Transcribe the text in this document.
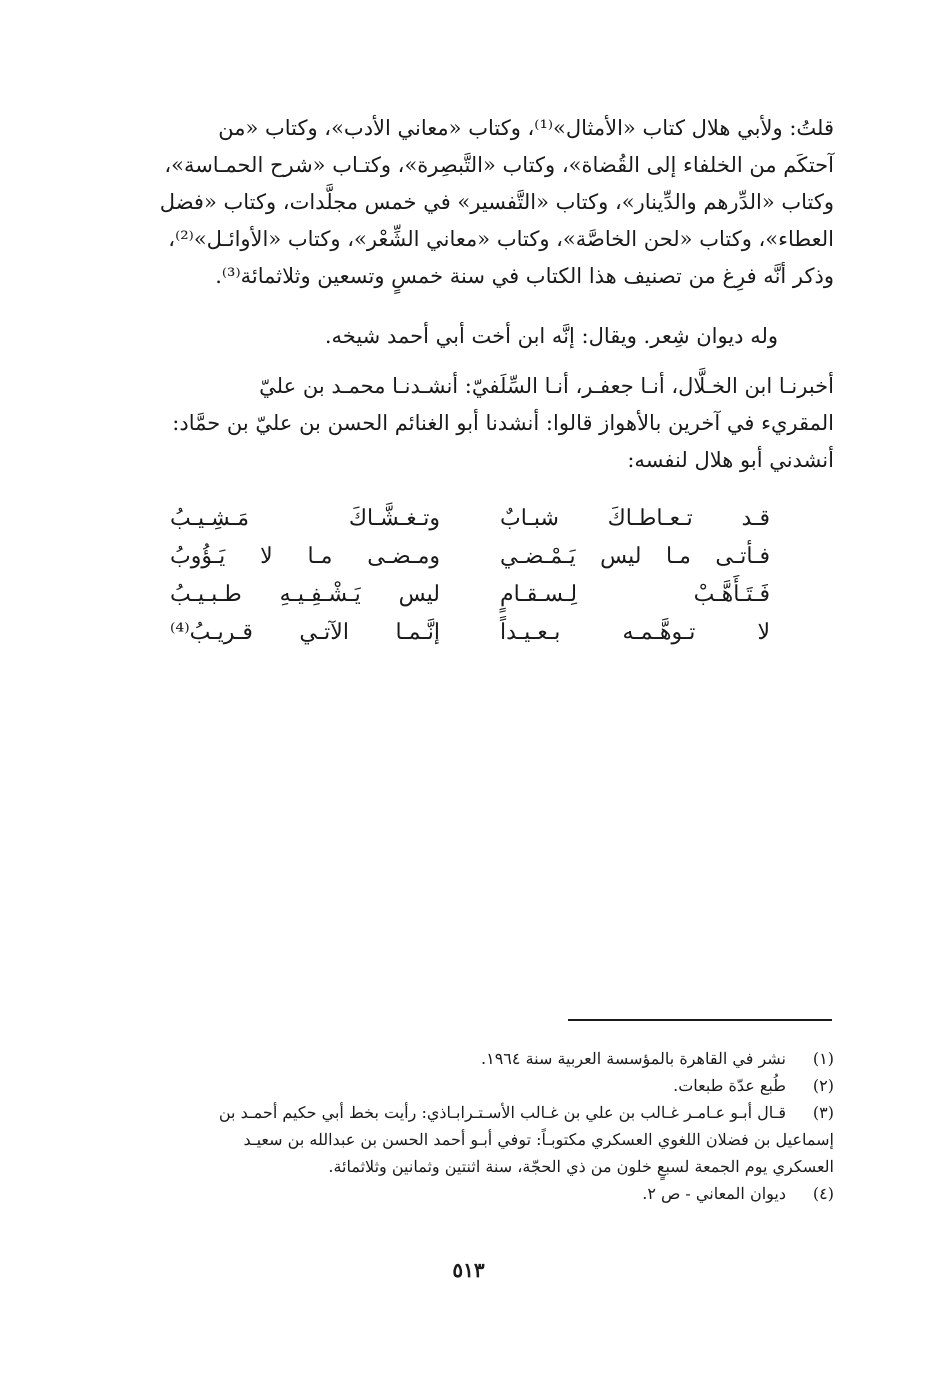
قلتُ: ولأبي هلال كتاب «الأمثال»⁽¹⁾، وكتاب «معاني الأدب»، وكتاب «من
آحتكَم من الخلفاء إلى القُضاة»، وكتاب «التَّبصِرة»، وكتـاب «شرح الحمـاسة»،
وكتاب «الدِّرهم والدِّينار»، وكتاب «التَّفسير» في خمس مجلَّدات، وكتاب «فضل
العطاء»، وكتاب «لحن الخاصَّة»، وكتاب «معاني الشِّعْر»، وكتاب «الأوائـل»⁽²⁾،
وذكر أنَّه فرِغ من تصنيف هذا الكتاب في سنة خمسٍ وتسعين وثلاثمائة⁽³⁾.
وله ديوان شِعر. ويقال: إنَّه ابن أخت أبي أحمد شيخه.
أخبرنـا ابن الخـلَّال، أنـا جعفـر، أنـا السِّلَفيّ: أنشـدنـا محمـد بن عليّ
المقريء في آخرين بالأهواز قالوا: أنشدنا أبو الغنائم الحسن بن عليّ بن حمَّاد:
أنشدني أبو هلال لنفسه:
قـد تـعـاطـاكَ شبـابٌ
وتـغـشَّـاكَ مَـشِـيـبُ
فـأتـى مـا ليس يَـمْـضـي
ومـضـى مـا لا يَـؤُوبُ
فَـتَـأَهَّـبْ لِـسـقـامٍ
ليس يَـشْـفِـيـهِ طـبـيـبُ
لا تـوهَّـمـه بـعـيـداً
إنَّـمـا الآتـي قـريـبُ⁽⁴⁾
(١)
نشر في القاهرة بالمؤسسة العربية سنة ١٩٦٤.
(٢)
طُبع عدّة طبعات.
(٣)
قـال أبـو عـامـر غـالب بن علي بن غـالب الأسـتـرابـاذي: رأيت بخط أبي حكيم أحمـد بن
إسماعيل بن فضلان اللغوي العسكري مكتوبـاً: توفي أبـو أحمد الحسن بن عبدالله بن سعيـد
العسكري يوم الجمعة لسبعٍ خلون من ذي الحجّة، سنة اثنتين وثمانين وثلاثمائة.
(٤)
ديوان المعاني - ص ٢.
٥١٣
